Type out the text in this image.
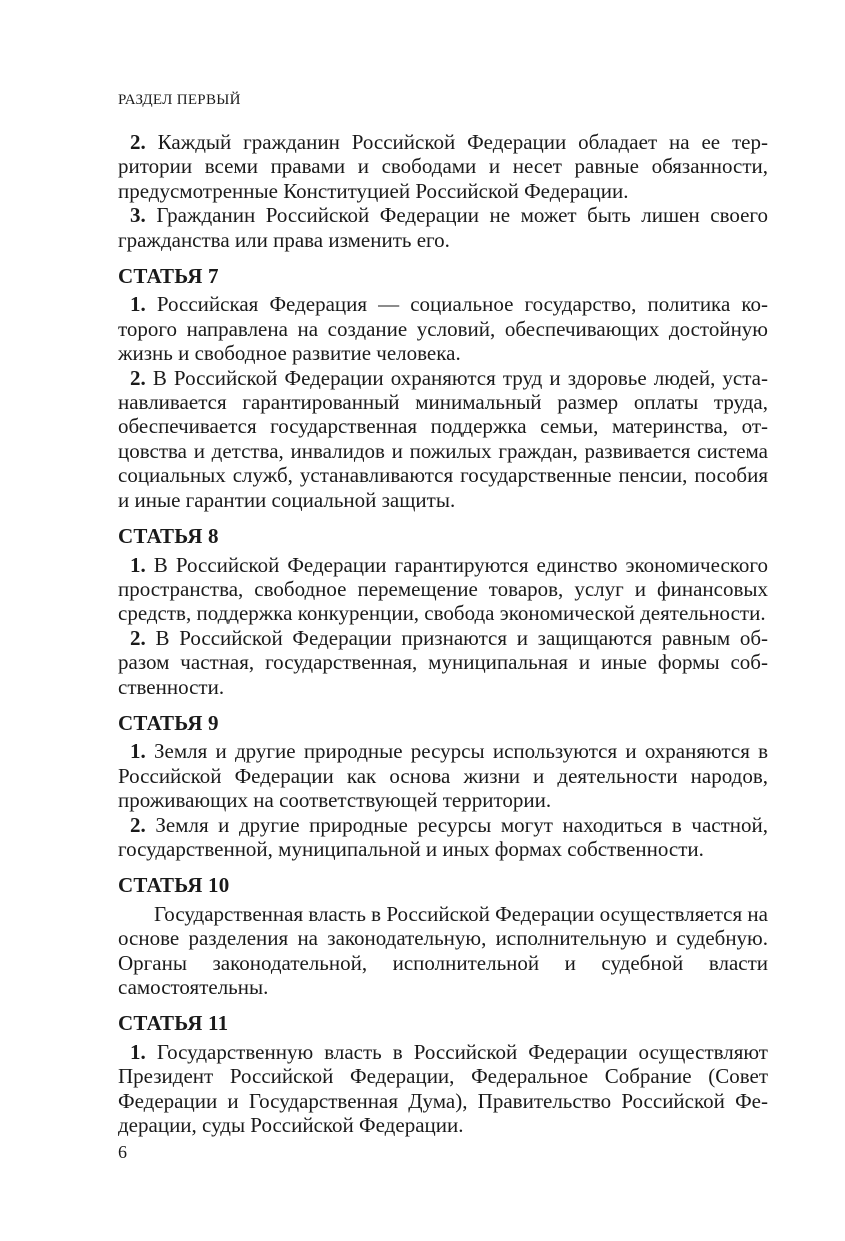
РАЗДЕЛ ПЕРВЫЙ

2. Каждый гражданин Российской Федерации обладает на ее территории всеми правами и свободами и несет равные обязанности, предусмотренные Конституцией Российской Федерации.

3. Гражданин Российской Федерации не может быть лишен своего гражданства или права изменить его.

СТАТЬЯ 7

1. Российская Федерация — социальное государство, политика которого направлена на создание условий, обеспечивающих достойную жизнь и свободное развитие человека.

2. В Российской Федерации охраняются труд и здоровье людей, устанавливается гарантированный минимальный размер оплаты труда, обеспечивается государственная поддержка семьи, материнства, отцовства и детства, инвалидов и пожилых граждан, развивается система социальных служб, устанавливаются государственные пенсии, пособия и иные гарантии социальной защиты.

СТАТЬЯ 8

1. В Российской Федерации гарантируются единство экономического пространства, свободное перемещение товаров, услуг и финансовых средств, поддержка конкуренции, свобода экономической деятельности.

2. В Российской Федерации признаются и защищаются равным образом частная, государственная, муниципальная и иные формы собственности.

СТАТЬЯ 9

1. Земля и другие природные ресурсы используются и охраняются в Российской Федерации как основа жизни и деятельности народов, проживающих на соответствующей территории.

2. Земля и другие природные ресурсы могут находиться в частной, государственной, муниципальной и иных формах собственности.

СТАТЬЯ 10

Государственная власть в Российской Федерации осуществляется на основе разделения на законодательную, исполнительную и судебную. Органы законодательной, исполнительной и судебной власти самостоятельны.

СТАТЬЯ 11

1. Государственную власть в Российской Федерации осуществляют Президент Российской Федерации, Федеральное Собрание (Совет Федерации и Государственная Дума), Правительство Российской Федерации, суды Российской Федерации.

6
